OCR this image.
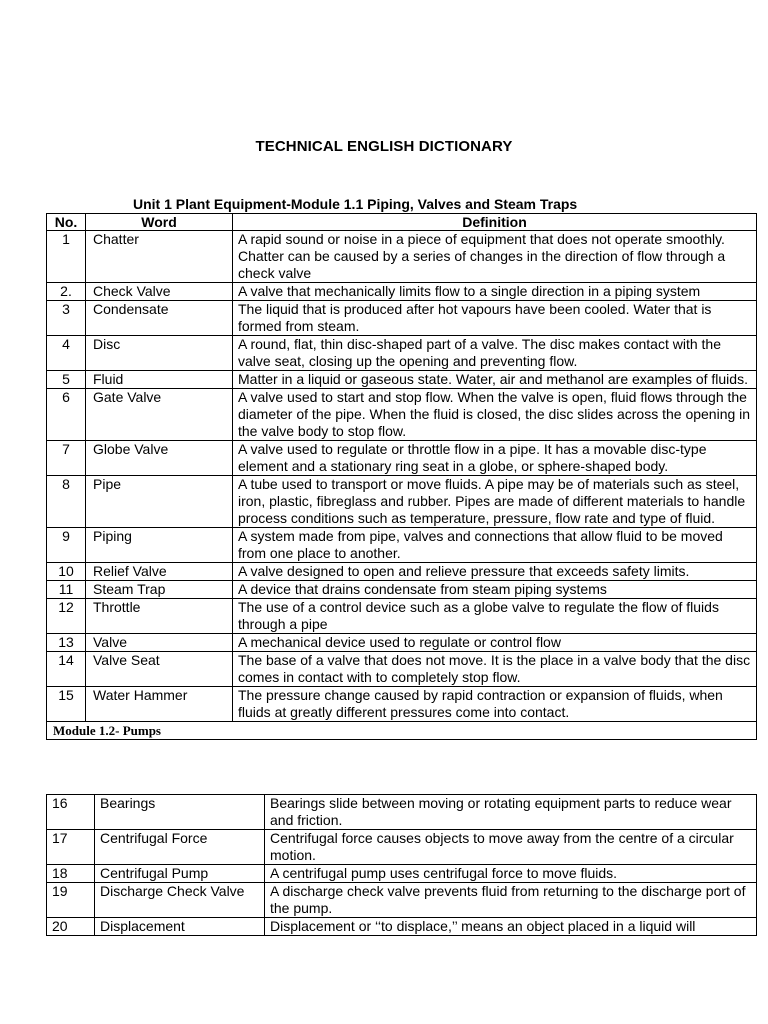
TECHNICAL ENGLISH DICTIONARY
Unit 1 Plant Equipment-Module 1.1 Piping, Valves and Steam Traps
No.	Word	Definition
1	Chatter	A rapid sound or noise in a piece of equipment that does not operate smoothly. Chatter can be caused by a series of changes in the direction of flow through a check valve
2.	Check Valve	A valve that mechanically limits flow to a single direction in a piping system
3	Condensate	The liquid that is produced after hot vapours have been cooled. Water that is formed from steam.
4	Disc	A round, flat, thin disc-shaped part of a valve. The disc makes contact with the valve seat, closing up the opening and preventing flow.
5	Fluid	Matter in a liquid or gaseous state. Water, air and methanol are examples of fluids.
6	Gate Valve	A valve used to start and stop flow. When the valve is open, fluid flows through the diameter of the pipe. When the fluid is closed, the disc slides across the opening in the valve body to stop flow.
7	Globe Valve	A valve used to regulate or throttle flow in a pipe. It has a movable disc-type element and a stationary ring seat in a globe, or sphere-shaped body.
8	Pipe	A tube used to transport or move fluids. A pipe may be of materials such as steel, iron, plastic, fibreglass and rubber. Pipes are made of different materials to handle process conditions such as temperature, pressure, flow rate and type of fluid.
9	Piping	A system made from pipe, valves and connections that allow fluid to be moved from one place to another.
10	Relief Valve	A valve designed to open and relieve pressure that exceeds safety limits.
11	Steam Trap	A device that drains condensate from steam piping systems
12	Throttle	The use of a control device such as a globe valve to regulate the flow of fluids through a pipe
13	Valve	A mechanical device used to regulate or control flow
14	Valve Seat	The base of a valve that does not move. It is the place in a valve body that the disc comes in contact with to completely stop flow.
15	Water Hammer	The pressure change caused by rapid contraction or expansion of fluids, when fluids at greatly different pressures come into contact.
Module 1.2- Pumps		
16	Bearings	Bearings slide between moving or rotating equipment parts to reduce wear and friction.
17	Centrifugal Force	Centrifugal force causes objects to move away from the centre of a circular motion.
18	Centrifugal Pump	A centrifugal pump uses centrifugal force to move fluids.
19	Discharge Check Valve	A discharge check valve prevents fluid from returning to the discharge port of the pump.
20	Displacement	Displacement or ‘‘to displace,’’ means an object placed in a liquid will
